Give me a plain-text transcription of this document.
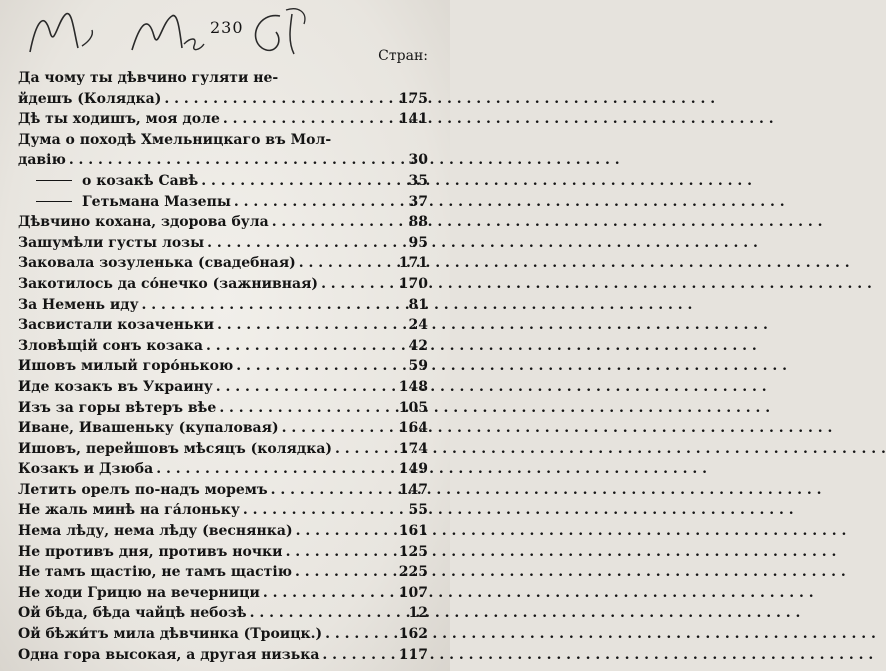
230
Стран:
Да чому ты дѣвчино гуляти не-
йдешъ (Колядка) . . .	175
Дѣ ты ходишъ, моя доле . . .	141
Дума о походѣ Хмельницкаго въ Мол-
давію . . .	30
о козакѣ Савѣ . . .	35
Гетьмана Мазепы . . .	37
Дѣвчино кохана, здорова була . . .	88
Зашумѣли густы лозы . . .	95
Заковала зозуленька (свадебная) . . .	171
Закотилось да со́нечко (зажнивная) . . .	170
За Немень иду . . .	81
Засвистали козаченьки . . .	24
Зловѣщій сонъ козака . . .	42
Ишовъ милый горо́нькою . . .	59
Иде козакъ въ Украину . . .	148
Изъ за горы вѣтеръ вѣе . . .	105
Иване, Ивашеньку (купаловая) . . .	164
Ишовъ, перейшовъ мѣсяцъ (колядка) . . .	174
Козакъ и Дзюба . . .	149
Летить орелъ по-надъ моремъ . . .	147
Не жаль минѣ на га́лоньку . . .	55
Нема лѣду, нема лѣду (веснянка) . . .	161
Не противъ дня, противъ ночки . . .	125
Не тамъ щастію, не тамъ щастію . . .	225
Не ходи Грицю на вечерници . . .	107
Ой бѣда, бѣда чайцѣ небозѣ . . .	12
Ой бѣжи́тъ мила дѣвчинка (Троицк.) . . .	162
Одна гора высокая, а другая низька . . .	117
